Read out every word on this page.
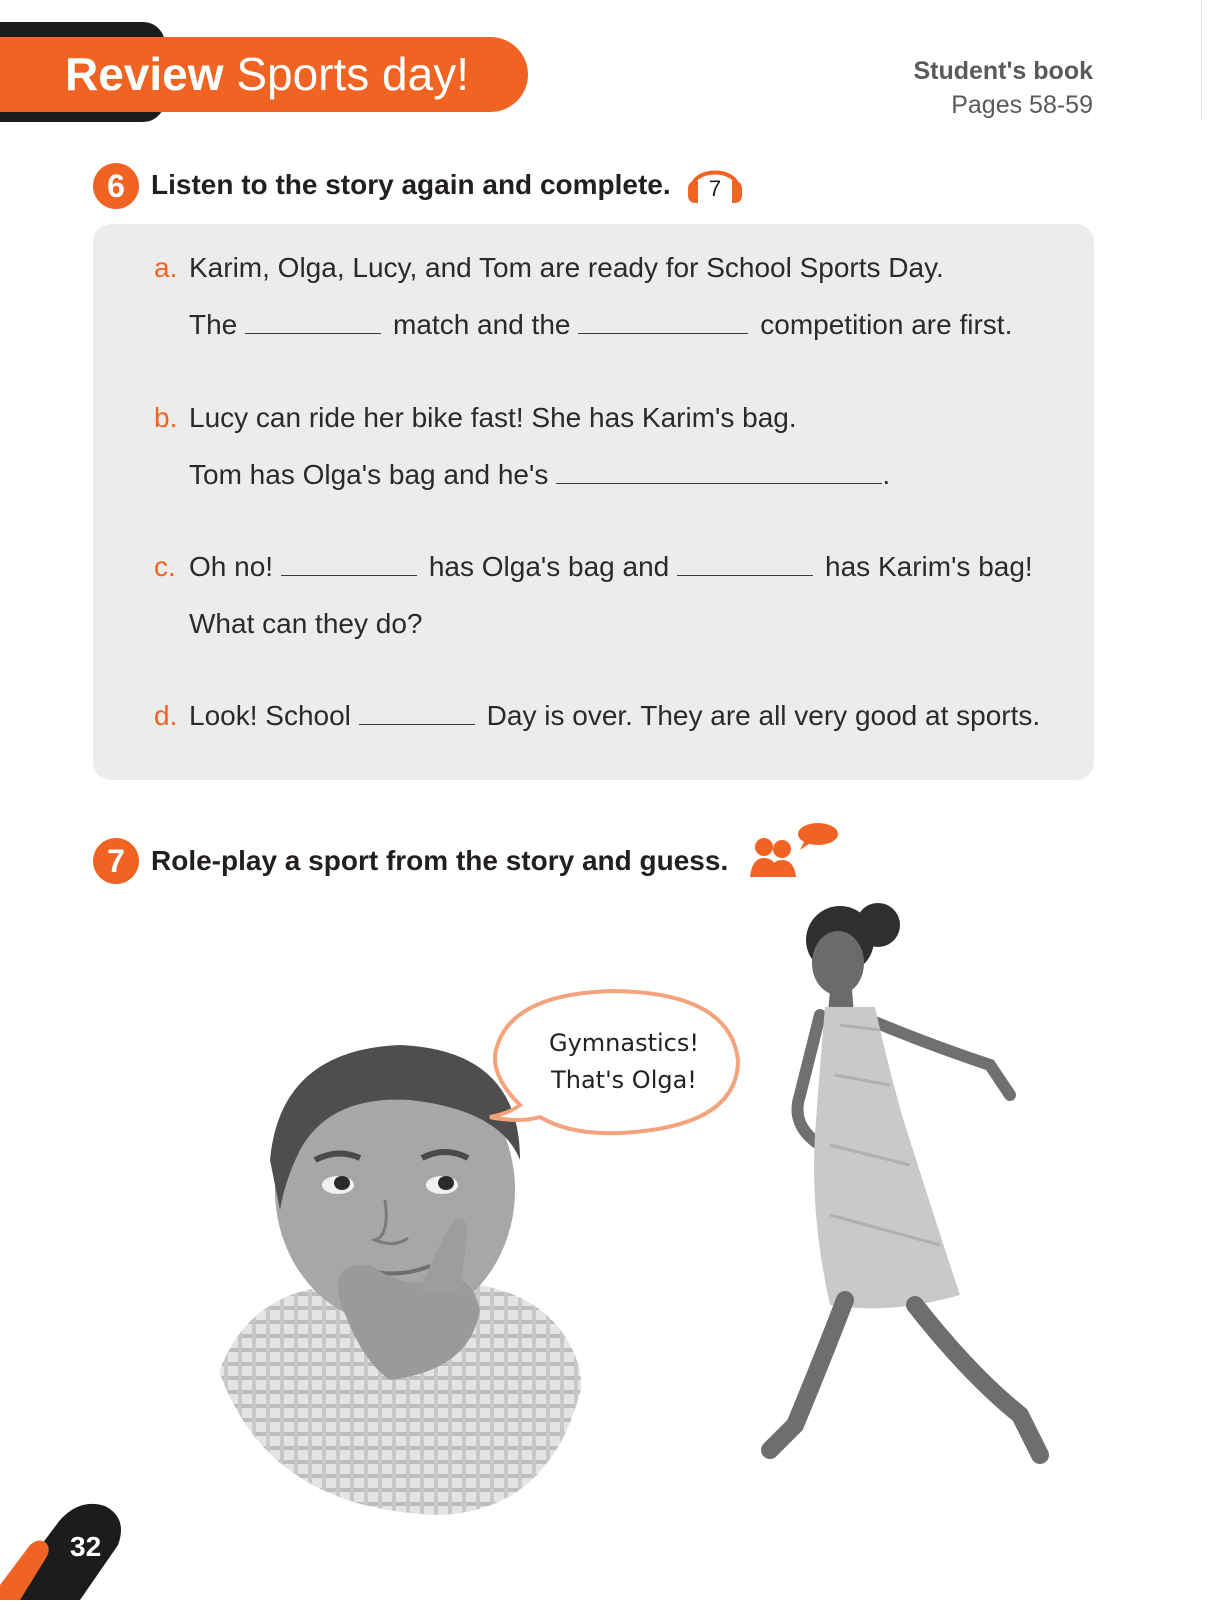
Review Sports day!	Student's book
Pages 58-59
6 Listen to the story again and complete. 7
a. Karim, Olga, Lucy, and Tom are ready for School Sports Day.
The	match and the	competition are first.
b. Lucy can ride her bike fast! She has Karim's bag.
Tom has Olga's bag and he's	.
c. Oh no!	has Olga's bag and	has Karim's bag!
What can they do?
d. Look! School	Day is over. They are all very good at sports.
7 Role-play a sport from the story and guess.
Gymnastics!
That's Olga!
32
